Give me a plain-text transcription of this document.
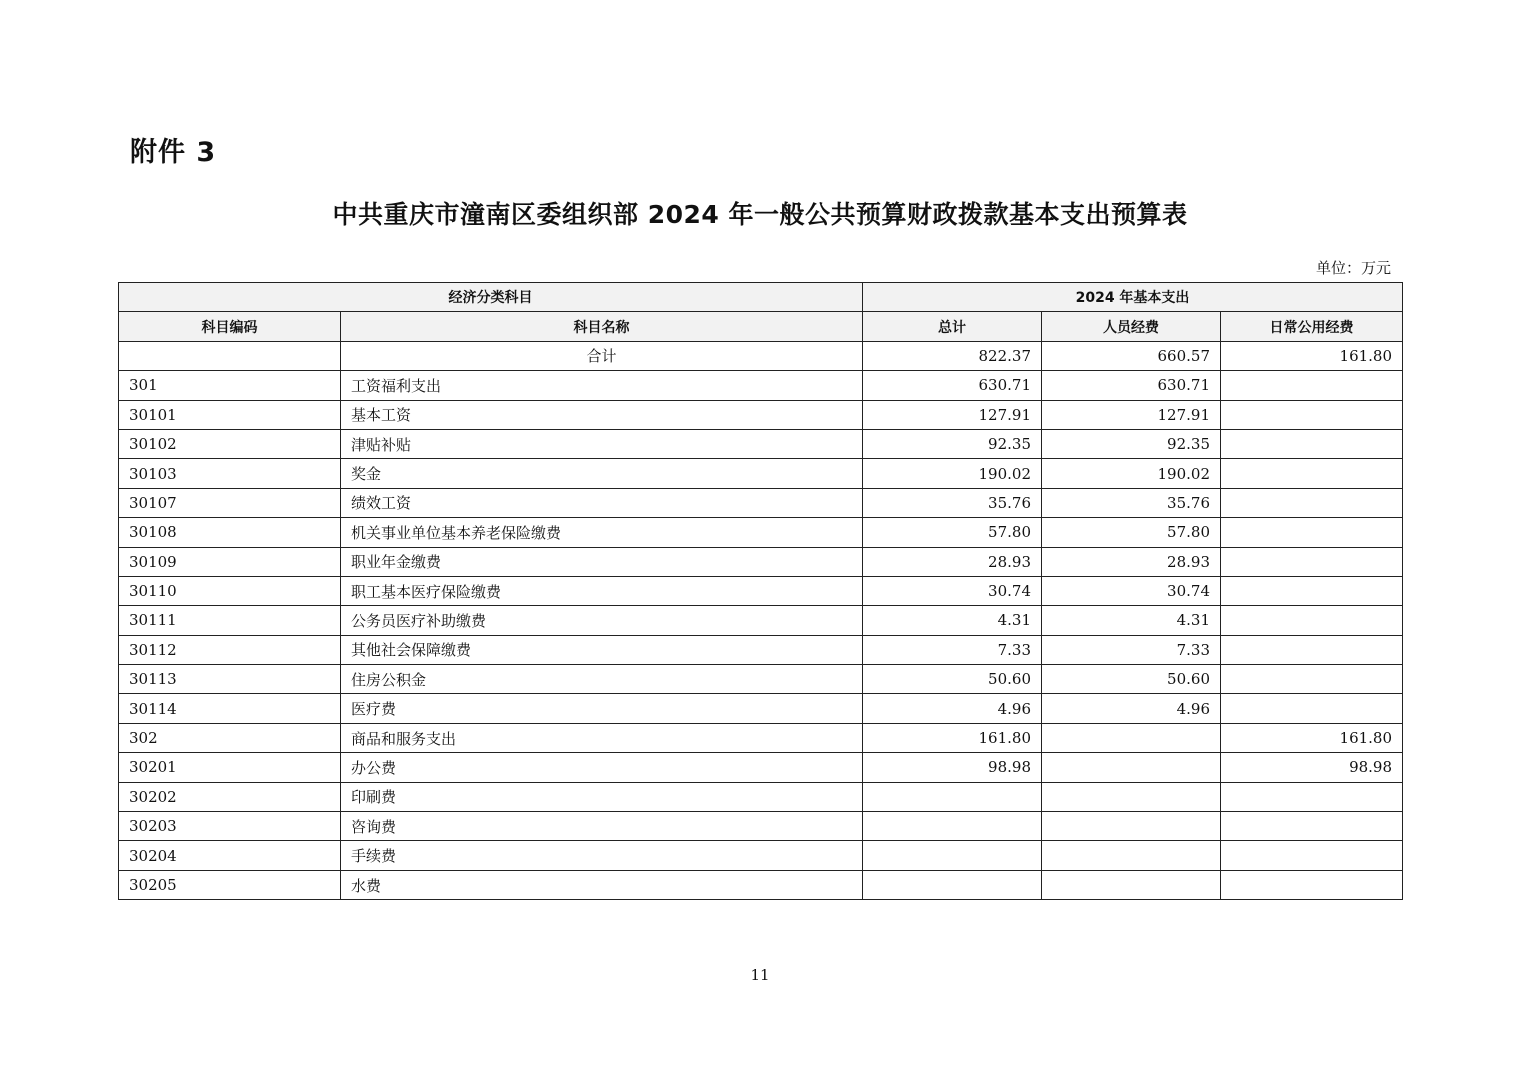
附件 3
中共重庆市潼南区委组织部 2024 年一般公共预算财政拨款基本支出预算表
单位：万元
经济分类科目		2024 年基本支出		
科目编码	科目名称	总计	人员经费	日常公用经费
	合计	822.37	660.57	161.80
301	工资福利支出	630.71	630.71	
30101	基本工资	127.91	127.91	
30102	津贴补贴	92.35	92.35	
30103	奖金	190.02	190.02	
30107	绩效工资	35.76	35.76	
30108	机关事业单位基本养老保险缴费	57.80	57.80	
30109	职业年金缴费	28.93	28.93	
30110	职工基本医疗保险缴费	30.74	30.74	
30111	公务员医疗补助缴费	4.31	4.31	
30112	其他社会保障缴费	7.33	7.33	
30113	住房公积金	50.60	50.60	
30114	医疗费	4.96	4.96	
302	商品和服务支出	161.80		161.80
30201	办公费	98.98		98.98
30202	印刷费			
30203	咨询费			
30204	手续费			
30205	水费			
11
